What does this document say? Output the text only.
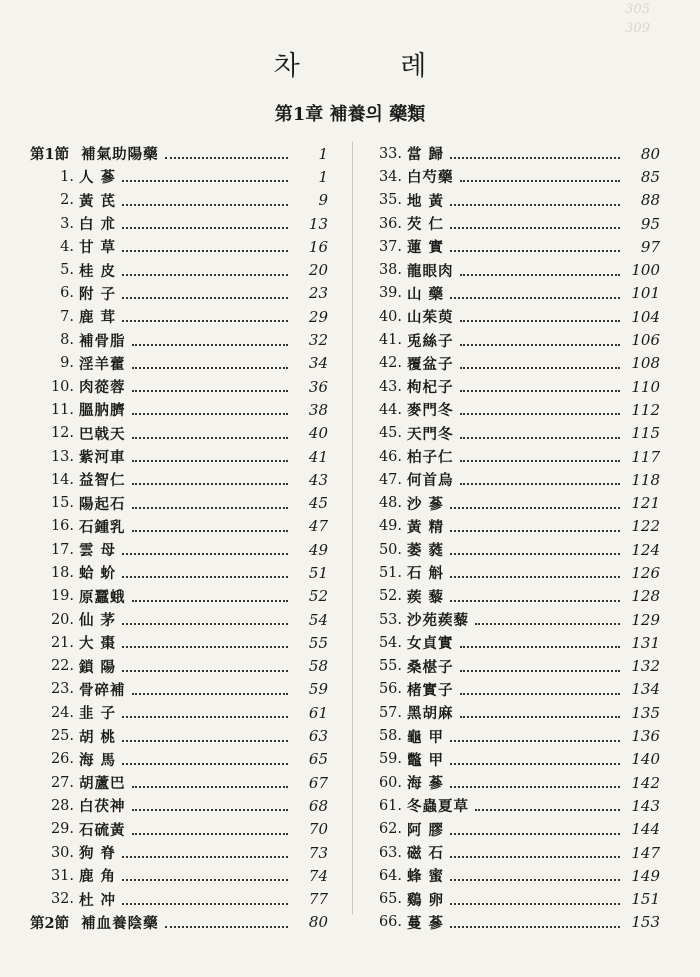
305
309
차 례
第1章 補養의 藥類
第1節 補氣助陽藥	1
1. 人 蔘	1
2. 黃 芪	9
3. 白 朮	13
4. 甘 草	16
5. 桂 皮	20
6. 附 子	23
7. 鹿 茸	29
8. 補骨脂	32
9. 淫羊藿	34
10. 肉蓯蓉	36
11. 膃肭臍	38
12. 巴戟天	40
13. 紫河車	41
14. 益智仁	43
15. 陽起石	45
16. 石鍾乳	47
17. 雲 母	49
18. 蛤 蚧	51
19. 原蠶蛾	52
20. 仙 茅	54
21. 大 棗	55
22. 鎖 陽	58
23. 骨碎補	59
24. 韭 子	61
25. 胡 桃	63
26. 海 馬	65
27. 胡蘆巴	67
28. 白茯神	68
29. 石硫黃	70
30. 狗 脊	73
31. 鹿 角	74
32. 杜 冲	77
第2節 補血養陰藥	80
33. 當 歸	80
34. 白芍藥	85
35. 地 黃	88
36. 芡 仁	95
37. 蓮 實	97
38. 龍眼肉	100
39. 山 藥	101
40. 山茱萸	104
41. 兎絲子	106
42. 覆盆子	108
43. 枸杞子	110
44. 麥門冬	112
45. 天門冬	115
46. 柏子仁	117
47. 何首烏	118
48. 沙 蔘	121
49. 黃 精	122
50. 萎 蕤	124
51. 石 斛	126
52. 蒺 藜	128
53. 沙苑蒺藜	129
54. 女貞實	131
55. 桑椹子	132
56. 楮實子	134
57. 黑胡麻	135
58. 龜 甲	136
59. 鼈 甲	140
60. 海 蔘	142
61. 冬蟲夏草	143
62. 阿 膠	144
63. 磁 石	147
64. 蜂 蜜	149
65. 鷄 卵	151
66. 蔓 蔘	153
